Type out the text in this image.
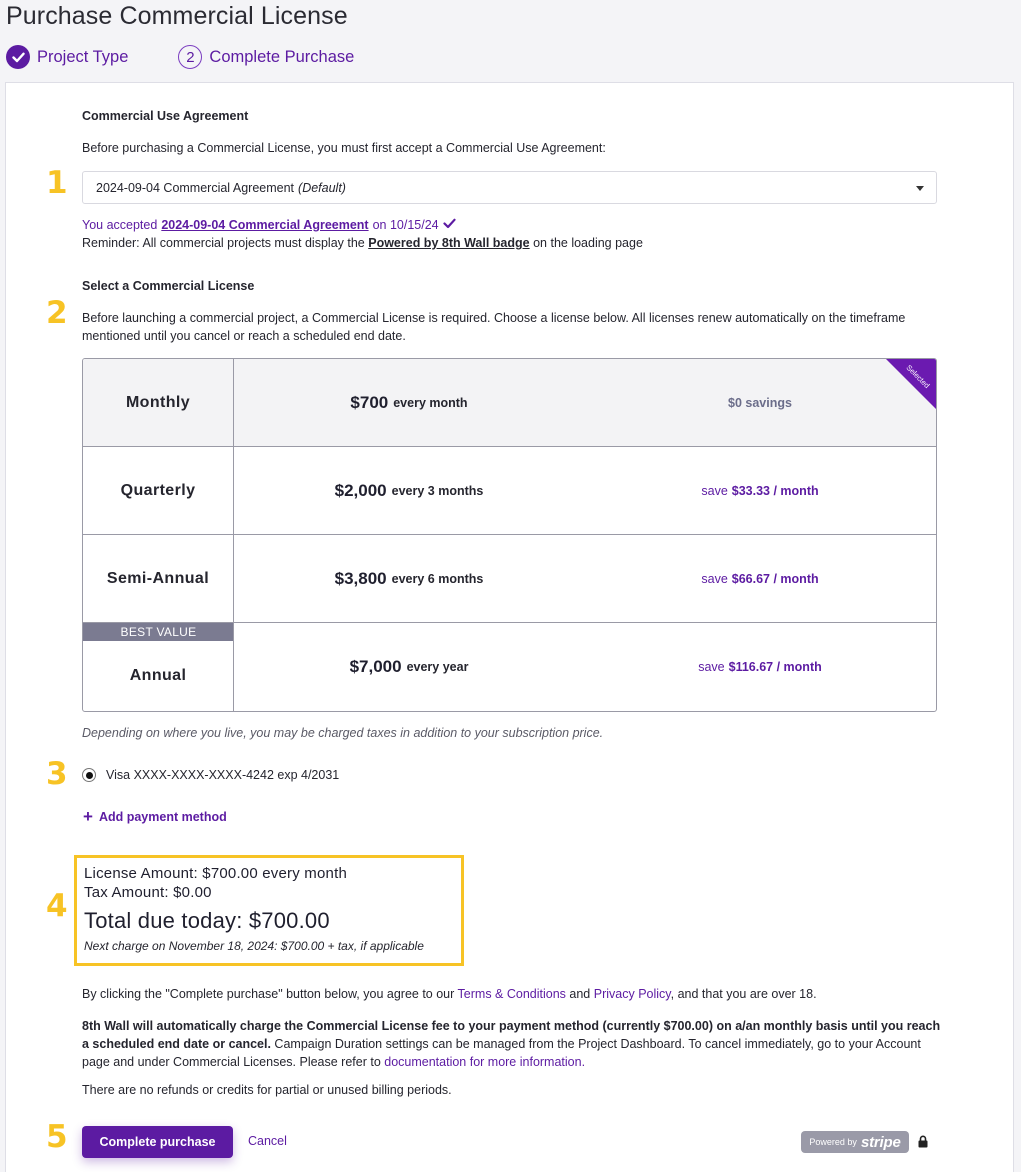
Purchase Commercial License
Project Type	2 Complete Purchase
Commercial Use Agreement
Before purchasing a Commercial License, you must first accept a Commercial Use Agreement:
1 2024-09-04 Commercial Agreement (Default)
You accepted 2024-09-04 Commercial Agreement on 10/15/24
Reminder: All commercial projects must display the Powered by 8th Wall badge on the loading page
Select a Commercial License
2 Before launching a commercial project, a Commercial License is required. Choose a license below. All licenses renew automatically on the timeframe mentioned until you cancel or reach a scheduled end date.
Monthly	$700 every month	$0 savings
Selected
Quarterly	$2,000 every 3 months	save $33.33 / month
Semi-Annual	$3,800 every 6 months	save $66.67 / month
BEST VALUE
Annual	$7,000 every year	save $116.67 / month
Depending on where you live, you may be charged taxes in addition to your subscription price.
3	Visa XXXX-XXXX-XXXX-4242 exp 4/2031
+ Add payment method
4
License Amount: $700.00 every month
Tax Amount: $0.00
Total due today: $700.00
Next charge on November 18, 2024: $700.00 + tax, if applicable
By clicking the "Complete purchase" button below, you agree to our Terms & Conditions and Privacy Policy, and that you are over 18.
8th Wall will automatically charge the Commercial License fee to your payment method (currently $700.00) on a/an monthly basis until you reach a scheduled end date or cancel. Campaign Duration settings can be managed from the Project Dashboard. To cancel immediately, go to your Account page and under Commercial Licenses. Please refer to documentation for more information.
There are no refunds or credits for partial or unused billing periods.
5	Complete purchase	Cancel	Powered by stripe
